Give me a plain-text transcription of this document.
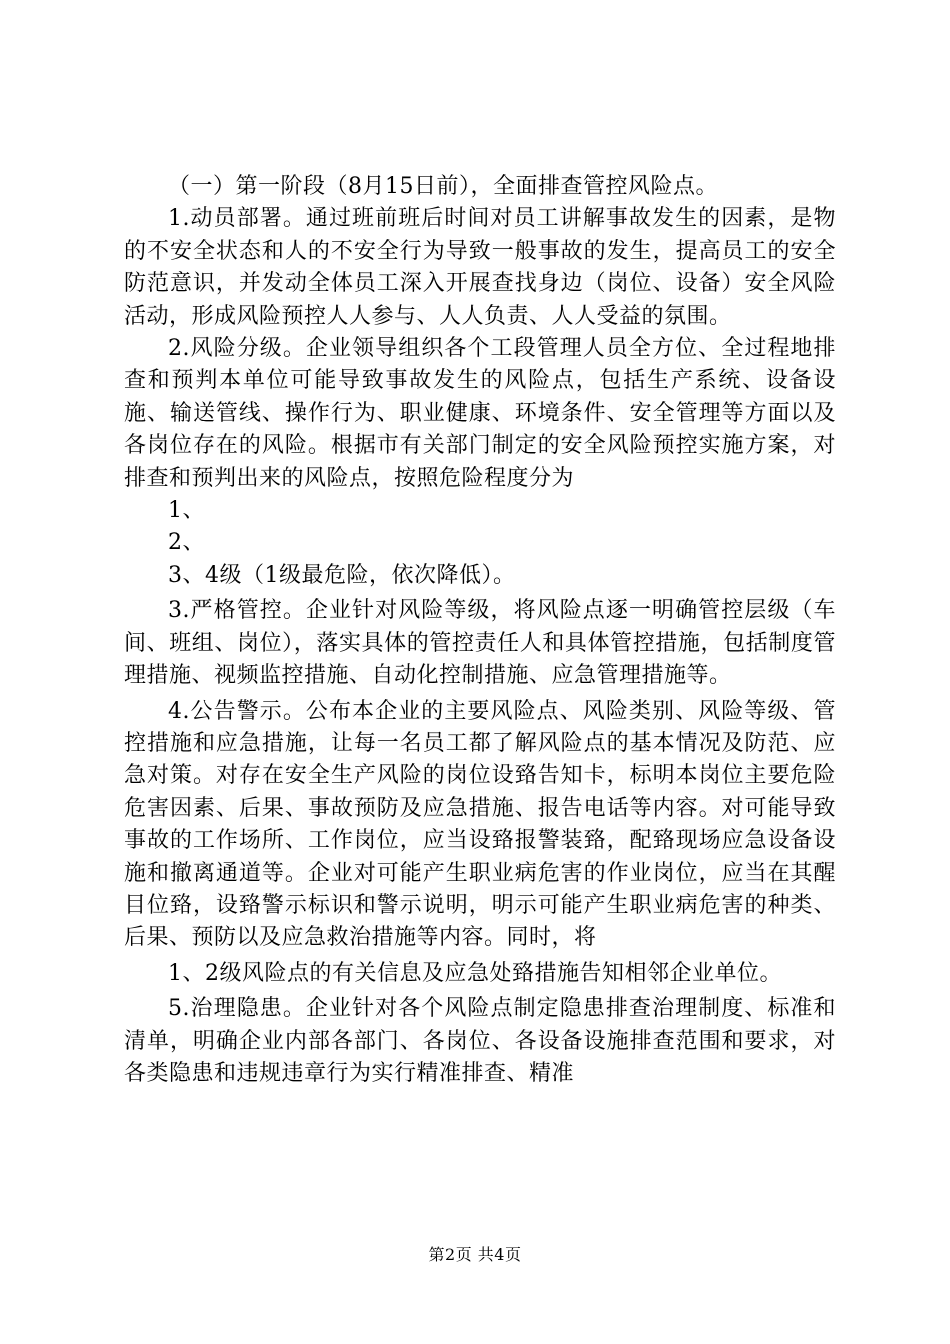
（一）第一阶段（8月15日前），全面排查管控风险点。

1.动员部署。通过班前班后时间对员工讲解事故发生的因素，是物的不安全状态和人的不安全行为导致一般事故的发生，提高员工的安全防范意识，并发动全体员工深入开展查找身边（岗位、设备）安全风险活动，形成风险预控人人参与、人人负责、人人受益的氛围。

2.风险分级。企业领导组织各个工段管理人员全方位、全过程地排查和预判本单位可能导致事故发生的风险点，包括生产系统、设备设施、输送管线、操作行为、职业健康、环境条件、安全管理等方面以及各岗位存在的风险。根据市有关部门制定的安全风险预控实施方案，对排查和预判出来的风险点，按照危险程度分为

1、

2、

3、4级（1级最危险，依次降低）。

3.严格管控。企业针对风险等级，将风险点逐一明确管控层级（车间、班组、岗位），落实具体的管控责任人和具体管控措施，包括制度管理措施、视频监控措施、自动化控制措施、应急管理措施等。

4.公告警示。公布本企业的主要风险点、风险类别、风险等级、管控措施和应急措施，让每一名员工都了解风险点的基本情况及防范、应急对策。对存在安全生产风险的岗位设臵告知卡，标明本岗位主要危险危害因素、后果、事故预防及应急措施、报告电话等内容。对可能导致事故的工作场所、工作岗位，应当设臵报警装臵，配臵现场应急设备设施和撤离通道等。企业对可能产生职业病危害的作业岗位，应当在其醒目位臵，设臵警示标识和警示说明，明示可能产生职业病危害的种类、后果、预防以及应急救治措施等内容。同时，将

1、2级风险点的有关信息及应急处臵措施告知相邻企业单位。

5.治理隐患。企业针对各个风险点制定隐患排查治理制度、标准和清单，明确企业内部各部门、各岗位、各设备设施排查范围和要求，对各类隐患和违规违章行为实行精准排查、精准

第2页 共4页
